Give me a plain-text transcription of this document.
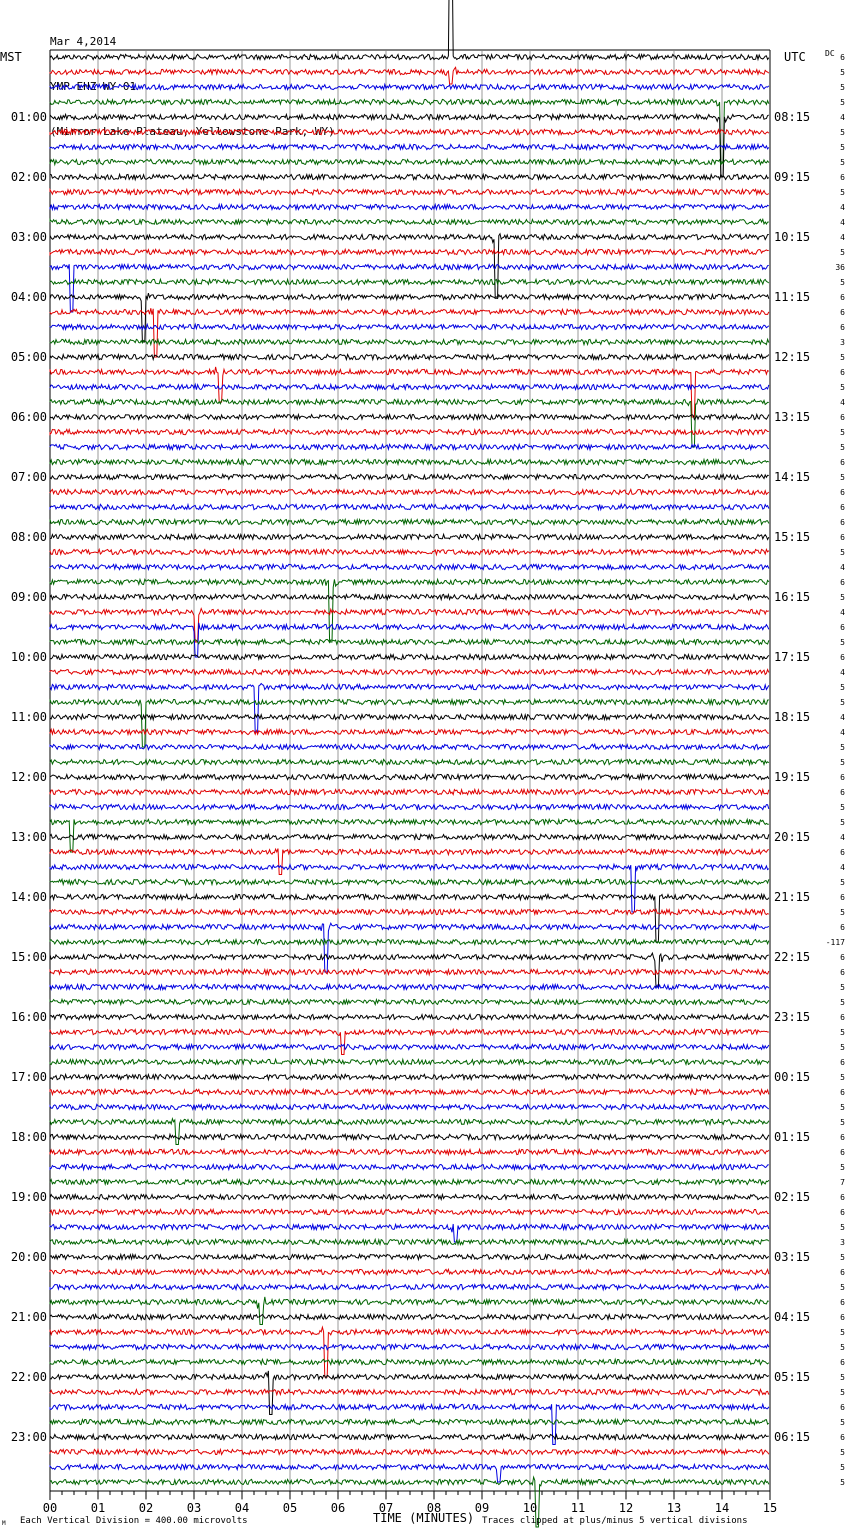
Mar 4,2014

YMP EHZ WY 01

(Mirror Lake Plateau, Yellowstone Park, WY)

00	01	02	03	04	05	06	07	08	09	10	11	12	13	14	15
6
5
5
5
4
5
5
5
6
5
4
4
4
5
36
5
6
6
6
3
5
6
5
4
6
5
5
6
5
6
6
6
6
5
4
6
5
4
6
5
6
4
5
5
4
4
5
5
6
6
5
5
4
6
4
5
6
5
6
-117
6
6
5
5
6
5
5
6
5
6
5
5
6
6
5
7
6
6
5
3
5
6
5
6
6
5
5
6
5
5
6
5
6
5
5
5
01:00
02:00
03:00
04:00
05:00
06:00
07:00
08:00
09:00
10:00
11:00
12:00
13:00
14:00
15:00
16:00
17:00
18:00
19:00
20:00
21:00
22:00
23:00
08:15
09:15
10:15
11:15
12:15
13:15
14:15
15:15
16:15
17:15
18:15
19:15
20:15
21:15
22:15
23:15
00:15
01:15
02:15
03:15
04:15
05:15
06:15
MST	UTC DC
Each Vertical Division = 400.00 microvolts	TIME (MINUTES) Traces clipped at plus/minus 5 vertical divisions
M
